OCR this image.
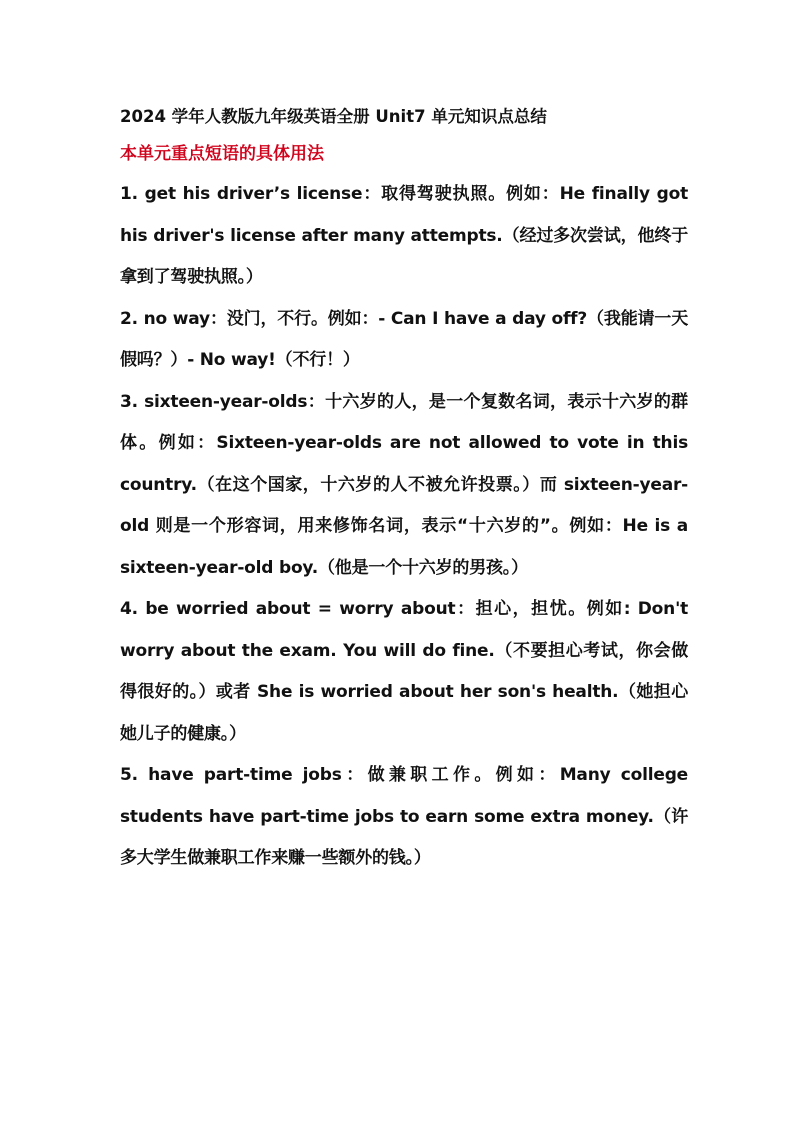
2024 学年人教版九年级英语全册 Unit7 单元知识点总结

本单元重点短语的具体用法

1. get his driver’s license：取得驾驶执照。例如：He finally got his driver's license after many attempts.（经过多次尝试，他终于拿到了驾驶执照。）

2. no way：没门，不行。例如：- Can I have a day off?（我能请一天假吗？）- No way!（不行！）

3. sixteen-year-olds：十六岁的人，是一个复数名词，表示十六岁的群体。例如：Sixteen-year-olds are not allowed to vote in this country.（在这个国家，十六岁的人不被允许投票。）而 sixteen-year-old 则是一个形容词，用来修饰名词，表示“十六岁的”。例如：He is a sixteen-year-old boy.（他是一个十六岁的男孩。）

4. be worried about = worry about：担心，担忧。例如: Don't worry about the exam. You will do fine.（不要担心考试，你会做得很好的。）或者 She is worried about her son's health.（她担心她儿子的健康。）

5. have part-time jobs：做兼职工作。例如：Many college students have part-time jobs to earn some extra money.（许多大学生做兼职工作来赚一些额外的钱。）
